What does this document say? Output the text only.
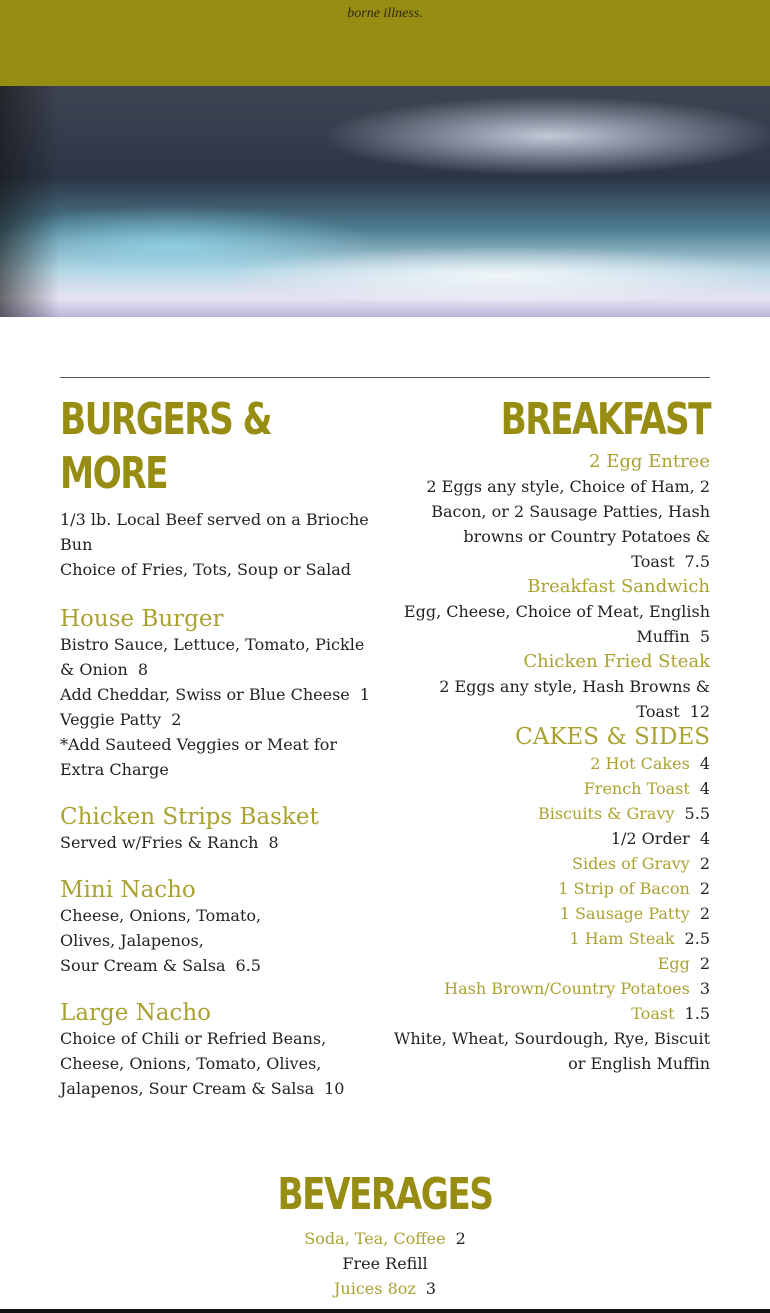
borne illness.
BURGERS & MORE
1/3 lb. Local Beef served on a Brioche Bun
Choice of Fries, Tots, Soup or Salad
House Burger
Bistro Sauce, Lettuce, Tomato, Pickle & Onion 8
Add Cheddar, Swiss or Blue Cheese 1
Veggie Patty 2
*Add Sauteed Veggies or Meat for Extra Charge
Chicken Strips Basket
Served w/Fries & Ranch 8
Mini Nacho
Cheese, Onions, Tomato, Olives, Jalapenos,
Sour Cream & Salsa 6.5
Large Nacho
Choice of Chili or Refried Beans, Cheese, Onions, Tomato, Olives, Jalapenos, Sour Cream & Salsa 10
BREAKFAST
2 Egg Entree
2 Eggs any style, Choice of Ham, 2 Bacon, or 2 Sausage Patties, Hash browns or Country Potatoes & Toast 7.5
Breakfast Sandwich
Egg, Cheese, Choice of Meat, English Muffin 5
Chicken Fried Steak
2 Eggs any style, Hash Browns & Toast 12
CAKES & SIDES
2 Hot Cakes 4
French Toast 4
Biscuits & Gravy 5.5
1/2 Order 4
Sides of Gravy 2
1 Strip of Bacon 2
1 Sausage Patty 2
1 Ham Steak 2.5
Egg 2
Hash Brown/Country Potatoes 3
Toast 1.5
White, Wheat, Sourdough, Rye, Biscuit or English Muffin
BEVERAGES
Soda, Tea, Coffee 2
Free Refill
Juices 8oz 3
